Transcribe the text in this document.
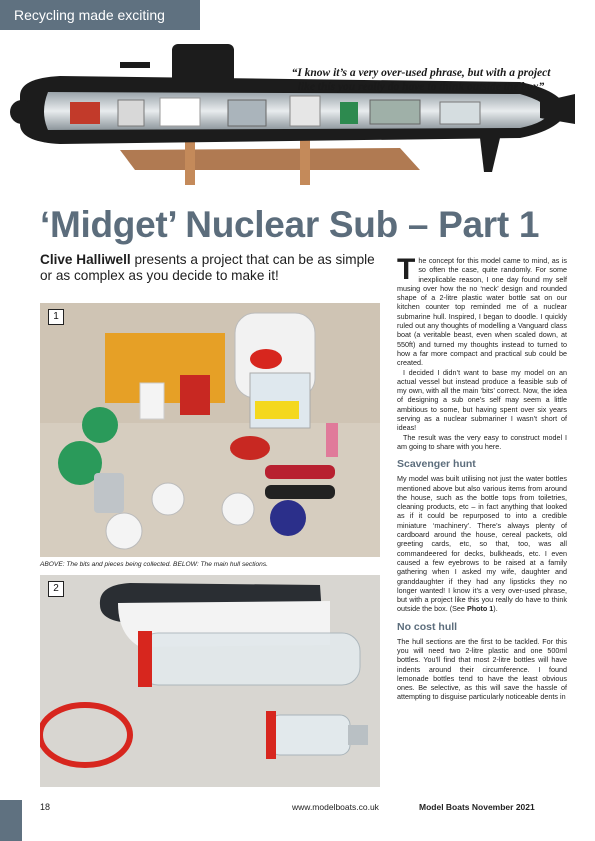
Recycling made exciting

“I know it’s a very over-used phrase, but with a project like this you really do have to think outside the box”

‘Midget’ Nuclear Sub – Part 1

Clive Halliwell presents a project that can be as simple or as complex as you decide to make it!

1

ABOVE: The bits and pieces being collected. BELOW: The main hull sections.

2

The concept for this model came to mind, as is so often the case, quite randomly. For some inexplicable reason, I one day found my self musing over how the no ‘neck’ design and rounded shape of a 2-litre plastic water bottle sat on our kitchen counter top reminded me of a nuclear submarine hull. Inspired, I began to doodle. I quickly ruled out any thoughts of modelling a Vanguard class boat (a veritable beast, even when scaled down, at 550ft) and turned my thoughts instead to turned to how a far more compact and practical sub could be created.

I decided I didn’t want to base my model on an actual vessel but instead produce a feasible sub of my own, with all the main ‘bits’ correct. Now, the idea of designing a sub one’s self may seem a little ambitious to some, but having spent over six years serving as a nuclear submariner I wasn’t short of ideas!

The result was the very easy to construct model I am going to share with you here.

Scavenger hunt

My model was built utilising not just the water bottles mentioned above but also various items from around the house, such as the bottle tops from toiletries, cleaning products, etc – in fact anything that looked as if it could be repurposed to into a credible miniature ‘machinery’. There’s always plenty of cardboard around the house, cereal packets, old greeting cards, etc, so that, too, was all commandeered for decks, bulkheads, etc. I even caused a few eyebrows to be raised at a family gathering when I asked my wife, daughter and granddaughter if they had any lipsticks they no longer wanted! I know it’s a very over-used phrase, but with a project like this you really do have to think outside the box. (See Photo 1).

No cost hull

The hull sections are the first to be tackled. For this you will need two 2-litre plastic and one 500ml bottles. You’ll find that most 2-litre bottles will have indents around their circumference. I found lemonade bottles tend to have the least obvious ones. Be selective, as this will save the hassle of attempting to disguise particularly noticeable dents in

18	www.modelboats.co.uk	Model Boats November 2021
